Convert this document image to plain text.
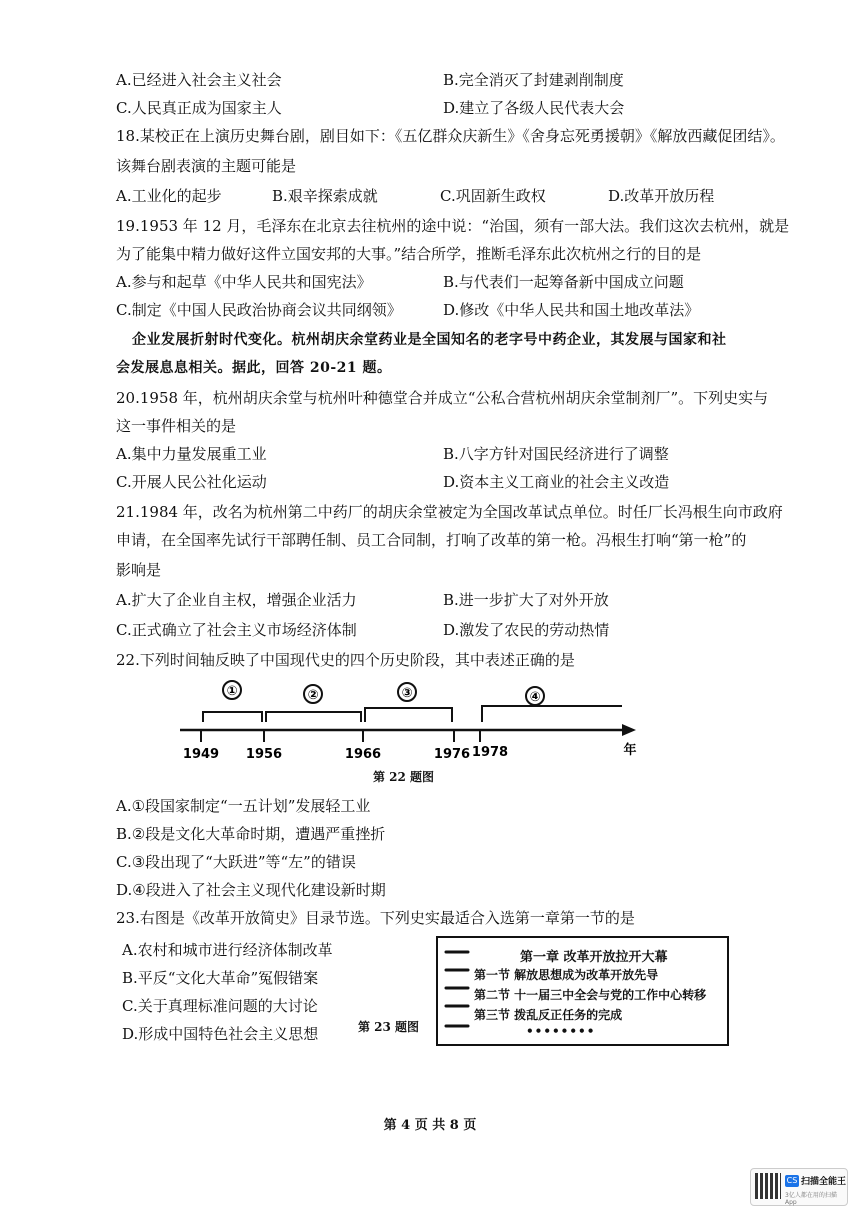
A.已经进入社会主义社会	B.完全消灭了封建剥削制度
C.人民真正成为国家主人	D.建立了各级人民代表大会
18.某校正在上演历史舞台剧，剧目如下：《五亿群众庆新生》《舍身忘死勇援朝》《解放西藏促团结》。
该舞台剧表演的主题可能是
A.工业化的起步	B.艰辛探索成就	C.巩固新生政权	D.改革开放历程
19.1953 年 12 月，毛泽东在北京去往杭州的途中说：“治国，须有一部大法。我们这次去杭州，就是
为了能集中精力做好这件立国安邦的大事。”结合所学，推断毛泽东此次杭州之行的目的是
A.参与和起草《中华人民共和国宪法》	B.与代表们一起筹备新中国成立问题
C.制定《中国人民政治协商会议共同纲领》	D.修改《中华人民共和国土地改革法》
企业发展折射时代变化。杭州胡庆余堂药业是全国知名的老字号中药企业，其发展与国家和社
会发展息息相关。据此，回答 20-21 题。
20.1958 年，杭州胡庆余堂与杭州叶种德堂合并成立“公私合营杭州胡庆余堂制剂厂”。下列史实与
这一事件相关的是
A.集中力量发展重工业	B.八字方针对国民经济进行了调整
C.开展人民公社化运动	D.资本主义工商业的社会主义改造
21.1984 年，改名为杭州第二中药厂的胡庆余堂被定为全国改革试点单位。时任厂长冯根生向市政府
申请，在全国率先试行干部聘任制、员工合同制，打响了改革的第一枪。冯根生打响“第一枪”的
影响是
A.扩大了企业自主权，增强企业活力	B.进一步扩大了对外开放
C.正式确立了社会主义市场经济体制	D.激发了农民的劳动热情
22.下列时间轴反映了中国现代史的四个历史阶段，其中表述正确的是
①	②	③	④
1949 1956	1966	1976 1978	年
第 22 题图
A.①段国家制定“一五计划”发展轻工业
B.②段是文化大革命时期，遭遇严重挫折
C.③段出现了“大跃进”等“左”的错误
D.④段进入了社会主义现代化建设新时期
23.右图是《改革开放简史》目录节选。下列史实最适合入选第一章第一节的是
A.农村和城市进行经济体制改革
B.平反“文化大革命”冤假错案
C.关于真理标准问题的大讨论
D.形成中国特色社会主义思想	第 23 题图
第一章 改革开放拉开大幕
第一节 解放思想成为改革开放先导
第二节 十一届三中全会与党的工作中心转移
第三节 拨乱反正任务的完成
••••••••
第 4 页 共 8 页
CS 扫描全能王
3亿人都在用的扫描App
